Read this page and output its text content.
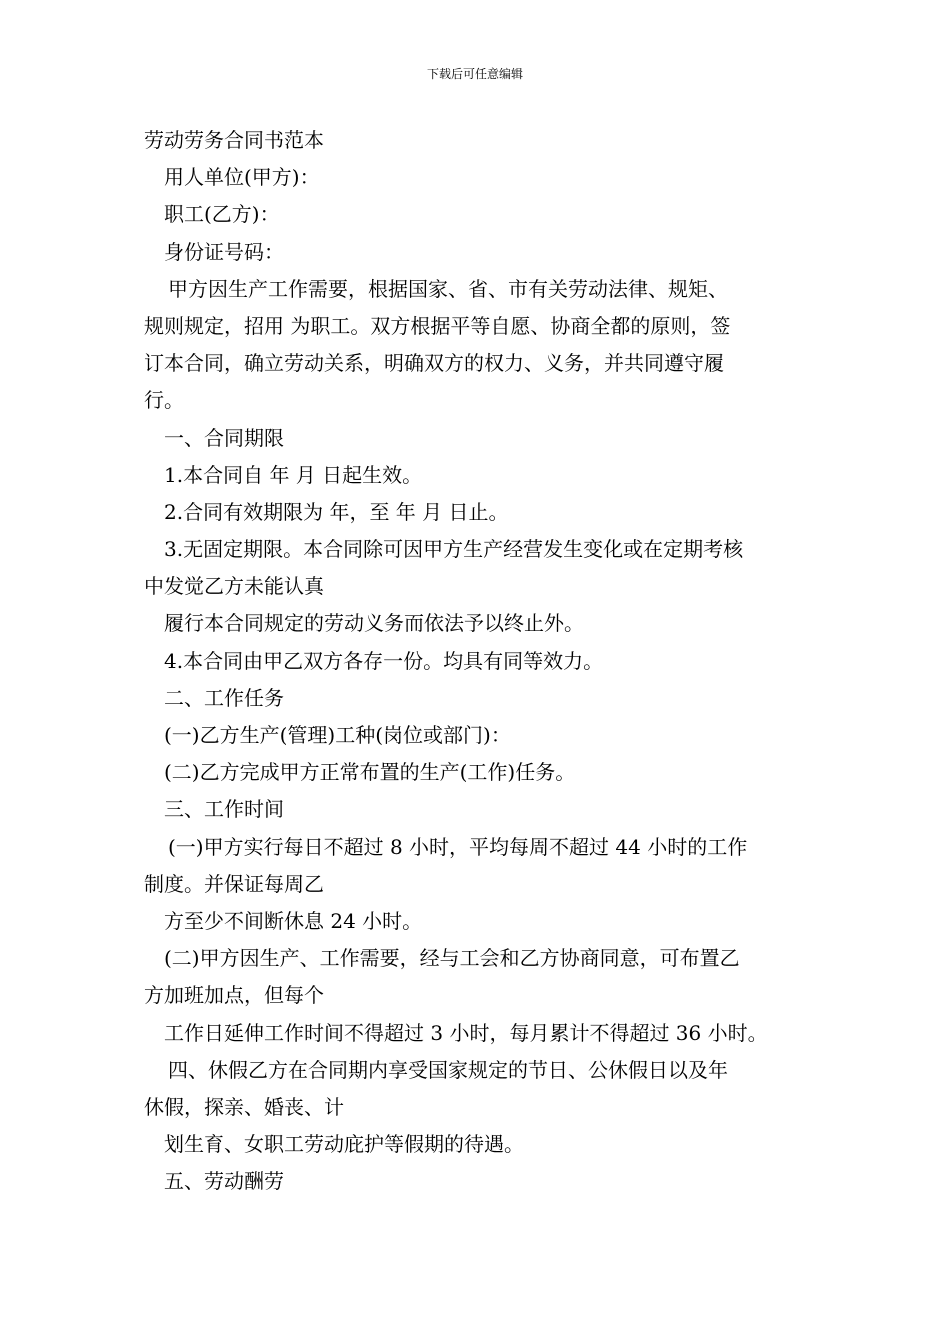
下载后可任意编辑
劳动劳务合同书范本
用人单位(甲方)：
职工(乙方)：
身份证号码：
甲方因生产工作需要，根据国家、省、市有关劳动法律、规矩、
规则规定，招用 为职工。双方根据平等自愿、协商全都的原则，签
订本合同，确立劳动关系，明确双方的权力、义务，并共同遵守履
行。
一、合同期限
1.本合同自 年 月 日起生效。
2.合同有效期限为 年，至 年 月 日止。
3.无固定期限。本合同除可因甲方生产经营发生变化或在定期考核
中发觉乙方未能认真
履行本合同规定的劳动义务而依法予以终止外。
4.本合同由甲乙双方各存一份。均具有同等效力。
二、工作任务
(一)乙方生产(管理)工种(岗位或部门)：
(二)乙方完成甲方正常布置的生产(工作)任务。
三、工作时间
(一)甲方实行每日不超过 8 小时，平均每周不超过 44 小时的工作
制度。并保证每周乙
方至少不间断休息 24 小时。
(二)甲方因生产、工作需要，经与工会和乙方协商同意，可布置乙
方加班加点，但每个
工作日延伸工作时间不得超过 3 小时，每月累计不得超过 36 小时。
四、休假乙方在合同期内享受国家规定的节日、公休假日以及年
休假，探亲、婚丧、计
划生育、女职工劳动庇护等假期的待遇。
五、劳动酬劳
